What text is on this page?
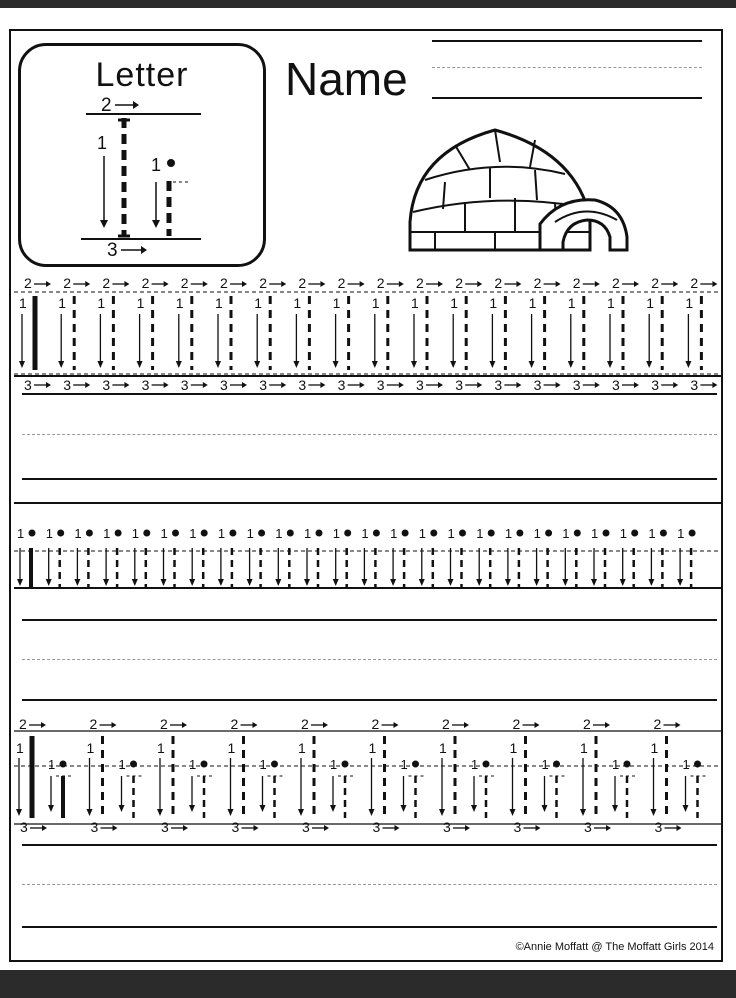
Letter
2
1
1
3
Name
2
1
3
2
1
3
2
1
3
2
1
3
2
1
3
2
1
3
2
1
3
2
1
3
2
1
3
2
1
3
2
1
3
2
1
3
2
1
3
2
1
3
2
1
3
2
1
3
2
1
3
2
1
3
1 1 1 1 1 1 1 1 1 1 1 1 1 1 1 1 1 1 1 1 1 1 1 1
2
1
3
1
2
1
3
1
2
1
3
1
2
1
3
1
2
1
3
1
2
1
3
1
2
1
3
1
2
1
3
1
2
1
3
1
2
1
3
1
©Annie Moffatt @ The Moffatt Girls 2014
